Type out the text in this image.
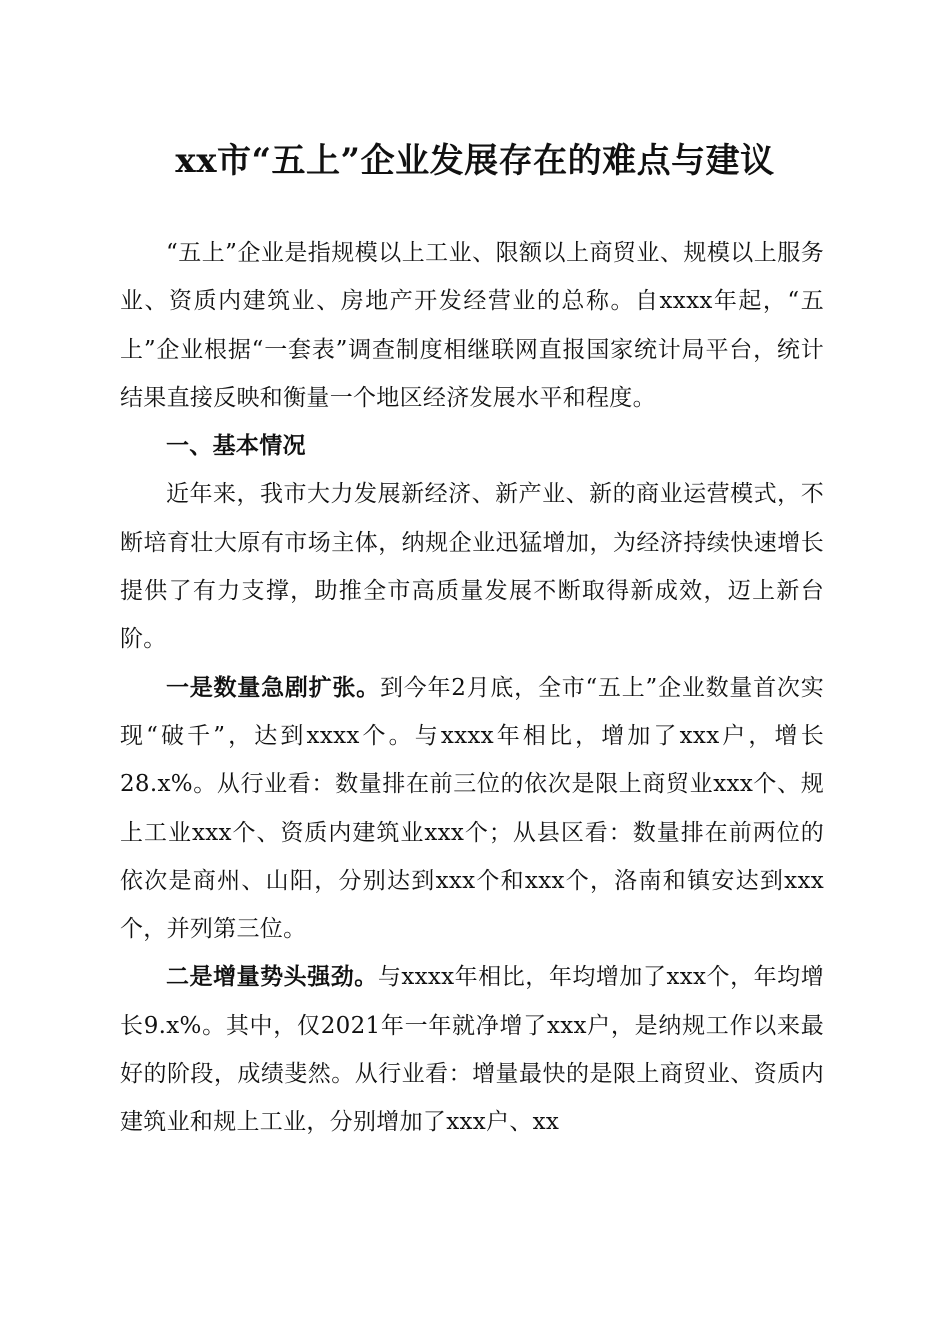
xx市“五上”企业发展存在的难点与建议

“五上”企业是指规模以上工业、限额以上商贸业、规模以上服务业、资质内建筑业、房地产开发经营业的总称。自xxxx年起，“五上”企业根据“一套表”调查制度相继联网直报国家统计局平台，统计结果直接反映和衡量一个地区经济发展水平和程度。

一、基本情况

近年来，我市大力发展新经济、新产业、新的商业运营模式，不断培育壮大原有市场主体，纳规企业迅猛增加，为经济持续快速增长提供了有力支撑，助推全市高质量发展不断取得新成效，迈上新台阶。

一是数量急剧扩张。到今年2月底，全市“五上”企业数量首次实现“破千”，达到xxxx个。与xxxx年相比，增加了xxx户，增长28.x%。从行业看：数量排在前三位的依次是限上商贸业xxx个、规上工业xxx个、资质内建筑业xxx个；从县区看：数量排在前两位的依次是商州、山阳，分别达到xxx个和xxx个，洛南和镇安达到xxx个，并列第三位。

二是增量势头强劲。与xxxx年相比，年均增加了xxx个，年均增长9.x%。其中，仅2021年一年就净增了xxx户，是纳规工作以来最好的阶段，成绩斐然。从行业看：增量最快的是限上商贸业、资质内建筑业和规上工业，分别增加了xxx户、xx
